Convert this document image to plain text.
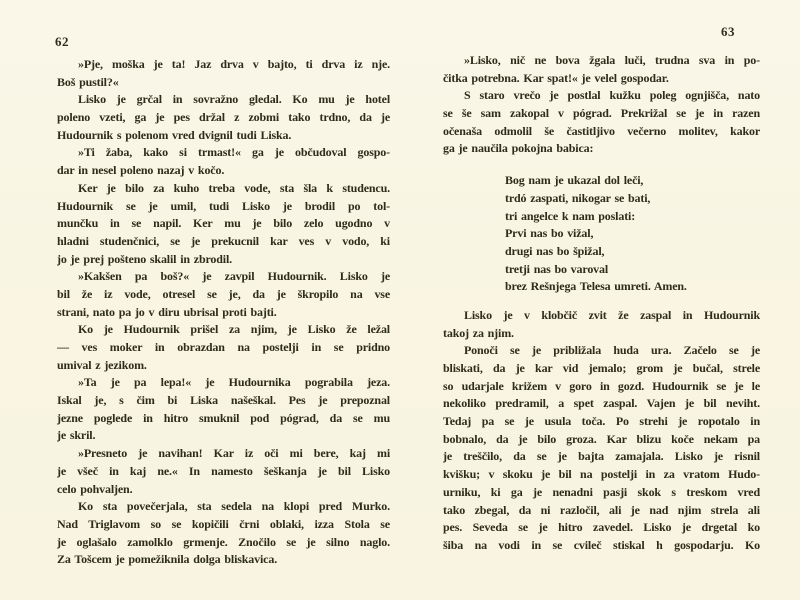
62
63
»Pje, moška je ta! Jaz drva v bajto, ti drva iz nje.
Boš pustil?«
Lisko je grčal in sovražno gledal. Ko mu je hotel
poleno vzeti, ga je pes držal z zobmi tako trdno, da je
Hudournik s polenom vred dvignil tudi Liska.
»Ti žaba, kako si trmast!« ga je občudoval gospo-
dar in nesel poleno nazaj v kočo.
Ker je bilo za kuho treba vode, sta šla k studencu.
Hudournik se je umil, tudi Lisko je brodil po tol-
munčku in se napil. Ker mu je bilo zelo ugodno v
hladni studenčnici, se je prekucnil kar ves v vodo, ki
jo je prej pošteno skalil in zbrodil.
»Kakšen pa boš?« je zavpil Hudournik. Lisko je
bil že iz vode, otresel se je, da je škropilo na vse
strani, nato pa jo v diru ubrisal proti bajti.
Ko je Hudournik prišel za njim, je Lisko že ležal
— ves moker in obrazdan na postelji in se pridno
umival z jezikom.
»Ta je pa lepa!« je Hudournika pograbila jeza.
Iskal je, s čim bi Liska našeškal. Pes je prepoznal
jezne poglede in hitro smuknil pod pógrad, da se mu
je skril.
»Presneto je navihan! Kar iz oči mi bere, kaj mi
je všeč in kaj ne.« In namesto šeškanja je bil Lisko
celo pohvaljen.
Ko sta povečerjala, sta sedela na klopi pred Murko.
Nad Triglavom so se kopičili črni oblaki, izza Stola se
je oglašalo zamolklo grmenje. Znočilo se je silno naglo.
Za Tošcem je pomežiknila dolga bliskavica.
»Lisko, nič ne bova žgala luči, trudna sva in po-
čitka potrebna. Kar spat!« je velel gospodar.
S staro vrečo je postlal kužku poleg ognjišča, nato
se še sam zakopal v pógrad. Prekrižal se je in razen
očenaša odmolil še častitljivo večerno molitev, kakor
ga je naučila pokojna babica:
Bog nam je ukazal dol leči,
trdó zaspati, nikogar se bati,
tri angelce k nam poslati:
Prvi nas bo vižal,
drugi nas bo špižal,
tretji nas bo varoval
brez Rešnjega Telesa umreti. Amen.
Lisko je v klobčič zvit že zaspal in Hudournik
takoj za njim.
Ponoči se je približala huda ura. Začelo se je
bliskati, da je kar vid jemalo; grom je bučal, strele
so udarjale križem v goro in gozd. Hudournik se je le
nekoliko predramil, a spet zaspal. Vajen je bil neviht.
Tedaj pa se je usula toča. Po strehi je ropotalo in
bobnalo, da je bilo groza. Kar blizu koče nekam pa
je treščilo, da se je bajta zamajala. Lisko je risnil
kvišku; v skoku je bil na postelji in za vratom Hudo-
urniku, ki ga je nenadni pasji skok s treskom vred
tako zbegal, da ni razločil, ali je nad njim strela ali
pes. Seveda se je hitro zavedel. Lisko je drgetal ko
šiba na vodi in se cvileč stiskal h gospodarju. Ko
